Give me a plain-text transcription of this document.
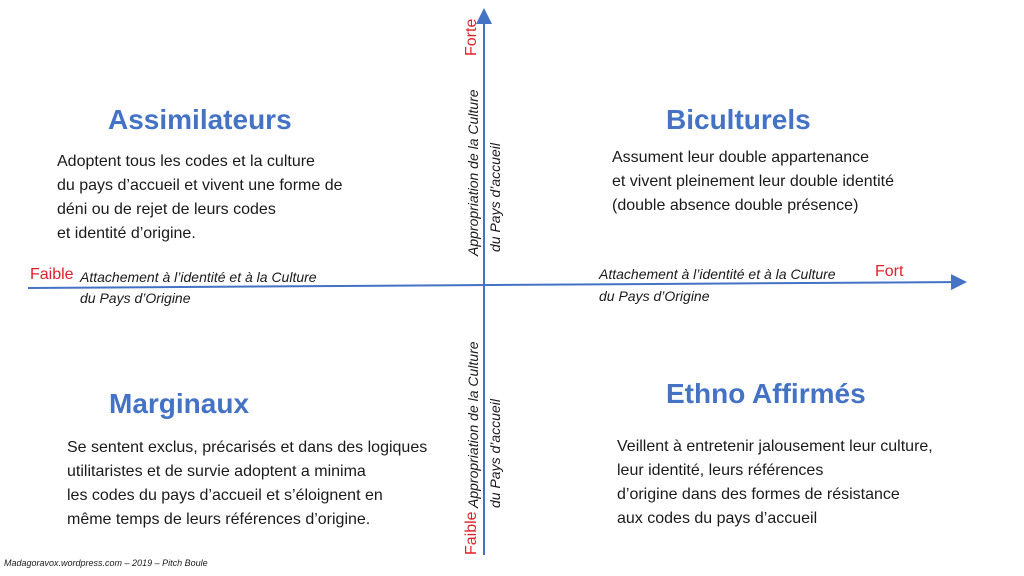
Assimilateurs
Adoptent tous les codes et la culture
du pays d’accueil et vivent une forme de
déni ou de rejet de leurs codes
et identité d’origine.
Biculturels
Assument leur double appartenance
et vivent pleinement leur double identité
(double absence double présence)
Marginaux
Se sentent exclus, précarisés et dans des logiques
utilitaristes et de survie adoptent a minima
les codes du pays d’accueil et s’éloignent en
même temps de leurs références d’origine.
Ethno Affirmés
Veillent à entretenir jalousement leur culture,
leur identité, leurs références
d’origine dans des formes de résistance
aux codes du pays d’accueil
Faible Attachement à l’identité et à la Culture
du Pays d’Origine
Attachement à l’identité et à la Culture Fort
du Pays d’Origine
Forte
Appropriation de la Culture du Pays d’accueil
Faible
Appropriation de la Culture du Pays d’accueil
Madagoravox.wordpress.com – 2019 – Pitch Boule
